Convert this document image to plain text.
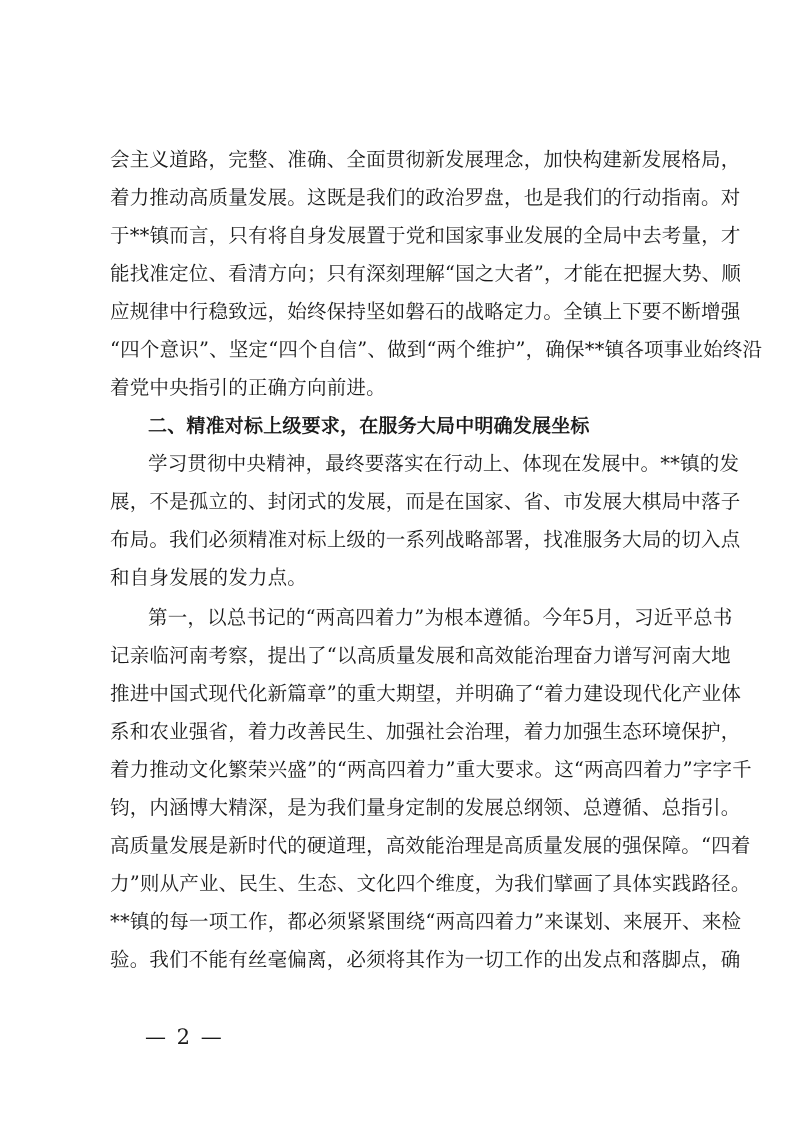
会主义道路，完整、准确、全面贯彻新发展理念，加快构建新发展格局，
着力推动高质量发展。这既是我们的政治罗盘，也是我们的行动指南。对
于**镇而言，只有将自身发展置于党和国家事业发展的全局中去考量，才
能找准定位、看清方向；只有深刻理解“国之大者”，才能在把握大势、顺
应规律中行稳致远，始终保持坚如磐石的战略定力。全镇上下要不断增强
“四个意识”、坚定“四个自信”、做到“两个维护”，确保**镇各项事业始终沿
着党中央指引的正确方向前进。
二、精准对标上级要求，在服务大局中明确发展坐标
学习贯彻中央精神，最终要落实在行动上、体现在发展中。**镇的发
展，不是孤立的、封闭式的发展，而是在国家、省、市发展大棋局中落子
布局。我们必须精准对标上级的一系列战略部署，找准服务大局的切入点
和自身发展的发力点。
第一，以总书记的“两高四着力”为根本遵循。今年5月，习近平总书
记亲临河南考察，提出了“以高质量发展和高效能治理奋力谱写河南大地
推进中国式现代化新篇章”的重大期望，并明确了“着力建设现代化产业体
系和农业强省，着力改善民生、加强社会治理，着力加强生态环境保护，
着力推动文化繁荣兴盛”的“两高四着力”重大要求。这“两高四着力”字字千
钧，内涵博大精深，是为我们量身定制的发展总纲领、总遵循、总指引。
高质量发展是新时代的硬道理，高效能治理是高质量发展的强保障。“四着
力”则从产业、民生、生态、文化四个维度，为我们擘画了具体实践路径。
**镇的每一项工作，都必须紧紧围绕“两高四着力”来谋划、来展开、来检
验。我们不能有丝毫偏离，必须将其作为一切工作的出发点和落脚点，确
— 2 —
